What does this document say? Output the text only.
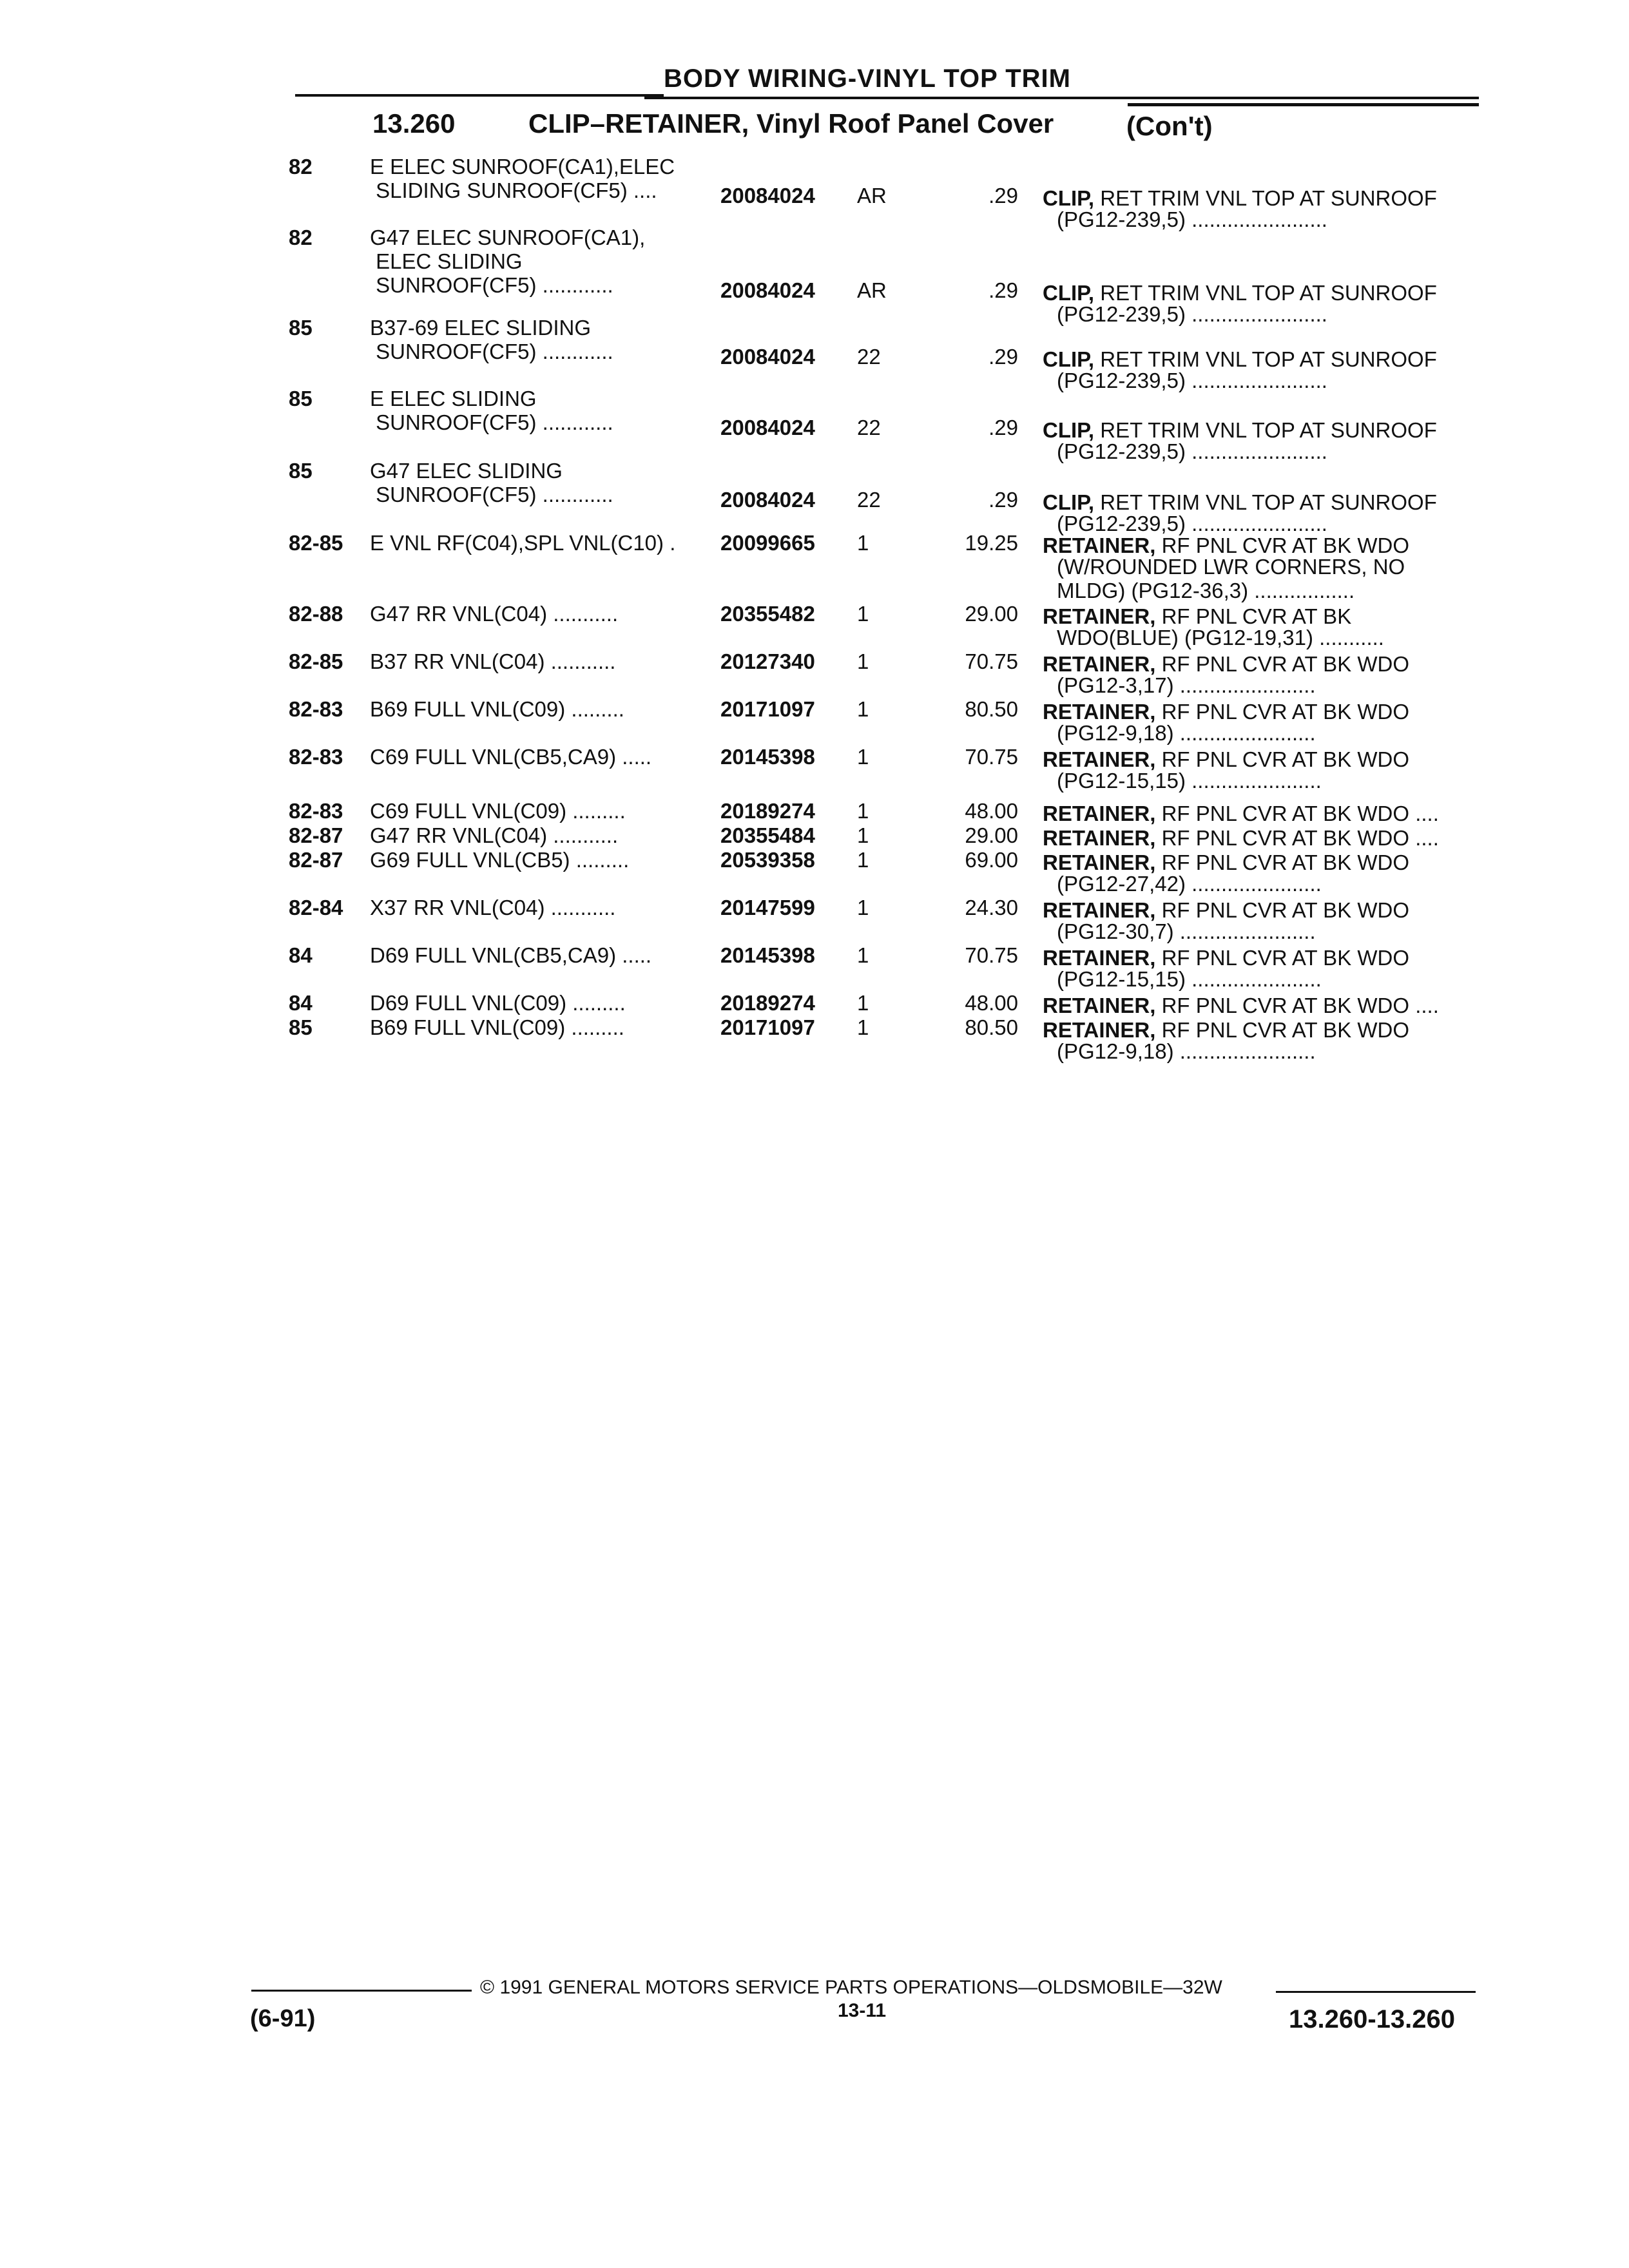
BODY WIRING-VINYL TOP TRIM
13.260	CLIP–RETAINER, Vinyl Roof Panel Cover	(Con't)
82	E ELEC SUNROOF(CA1),ELEC
SLIDING SUNROOF(CF5) ....	20084024 AR	.29 CLIP, RET TRIM VNL TOP AT SUNROOF
(PG12-239,5) .......................
82	G47 ELEC SUNROOF(CA1),
ELEC SLIDING
SUNROOF(CF5) ............	20084024 AR	.29 CLIP, RET TRIM VNL TOP AT SUNROOF
(PG12-239,5) .......................
85	B37-69 ELEC SLIDING
SUNROOF(CF5) ............	20084024 22	.29 CLIP, RET TRIM VNL TOP AT SUNROOF
(PG12-239,5) .......................
85	E ELEC SLIDING
SUNROOF(CF5) ............	20084024 22	.29 CLIP, RET TRIM VNL TOP AT SUNROOF
(PG12-239,5) .......................
85	G47 ELEC SLIDING
SUNROOF(CF5) ............	20084024 22	.29 CLIP, RET TRIM VNL TOP AT SUNROOF
(PG12-239,5) .......................
82-85 E VNL RF(C04),SPL VNL(C10) . 20099665 1	19.25 RETAINER, RF PNL CVR AT BK WDO
(W/ROUNDED LWR CORNERS, NO
MLDG) (PG12-36,3) .................
82-88 G47 RR VNL(C04) ...........	20355482 1	29.00 RETAINER, RF PNL CVR AT BK
WDO(BLUE) (PG12-19,31) ...........
82-85 B37 RR VNL(C04) ...........	20127340 1	70.75 RETAINER, RF PNL CVR AT BK WDO
(PG12-3,17) .......................
82-83 B69 FULL VNL(C09) .........	20171097 1	80.50 RETAINER, RF PNL CVR AT BK WDO
(PG12-9,18) .......................
82-83 C69 FULL VNL(CB5,CA9) .....	20145398 1	70.75 RETAINER, RF PNL CVR AT BK WDO
(PG12-15,15) ......................
82-83 C69 FULL VNL(C09) .........	20189274 1	48.00 RETAINER, RF PNL CVR AT BK WDO ....
82-87 G47 RR VNL(C04) ...........	20355484 1	29.00 RETAINER, RF PNL CVR AT BK WDO ....
82-87 G69 FULL VNL(CB5) .........	20539358 1	69.00 RETAINER, RF PNL CVR AT BK WDO
(PG12-27,42) ......................
82-84 X37 RR VNL(C04) ...........	20147599 1	24.30 RETAINER, RF PNL CVR AT BK WDO
(PG12-30,7) .......................
84	D69 FULL VNL(CB5,CA9) .....	20145398 1	70.75 RETAINER, RF PNL CVR AT BK WDO
(PG12-15,15) ......................
84	D69 FULL VNL(C09) .........	20189274 1	48.00 RETAINER, RF PNL CVR AT BK WDO ....
85	B69 FULL VNL(C09) .........	20171097 1	80.50 RETAINER, RF PNL CVR AT BK WDO
(PG12-9,18) .......................
© 1991 GENERAL MOTORS SERVICE PARTS OPERATIONS—OLDSMOBILE—32W
(6-91)	13-11	13.260-13.260
